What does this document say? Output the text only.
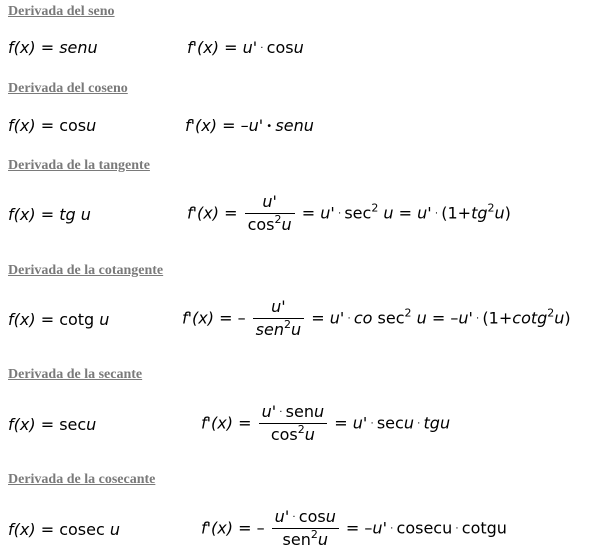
Derivada del seno
f(x) = senu	f'(x) = u' · cosu
Derivada del coseno
f(x) = cosu	f'(x) = –u' • senu
Derivada de la tangente
f(x) = tg u	$f'(x) = \frac{u'}{\cos^2u} = u' \cdot \sec^2 u = u' \cdot (1+tg^2u)$
Derivada de la cotangente
f(x) = cotg u	f'(x) = – $\frac{u'}{sen^2u} = u'$ · co $\sec^2 u = -u' \cdot (1+\cot g^2u)$
Derivada de la secante
f(x) = secu	$f'(x) = \frac{\text{u' · senu}}{\cos^2u} = u' \cdot \sec u$ · tgu
Derivada de la cosecante
f(x) = cosec u	f'(x) = – $\frac{u' \cdot \cos u}{sen^2u} = -u' \cdot cosecu$ · cotgu
